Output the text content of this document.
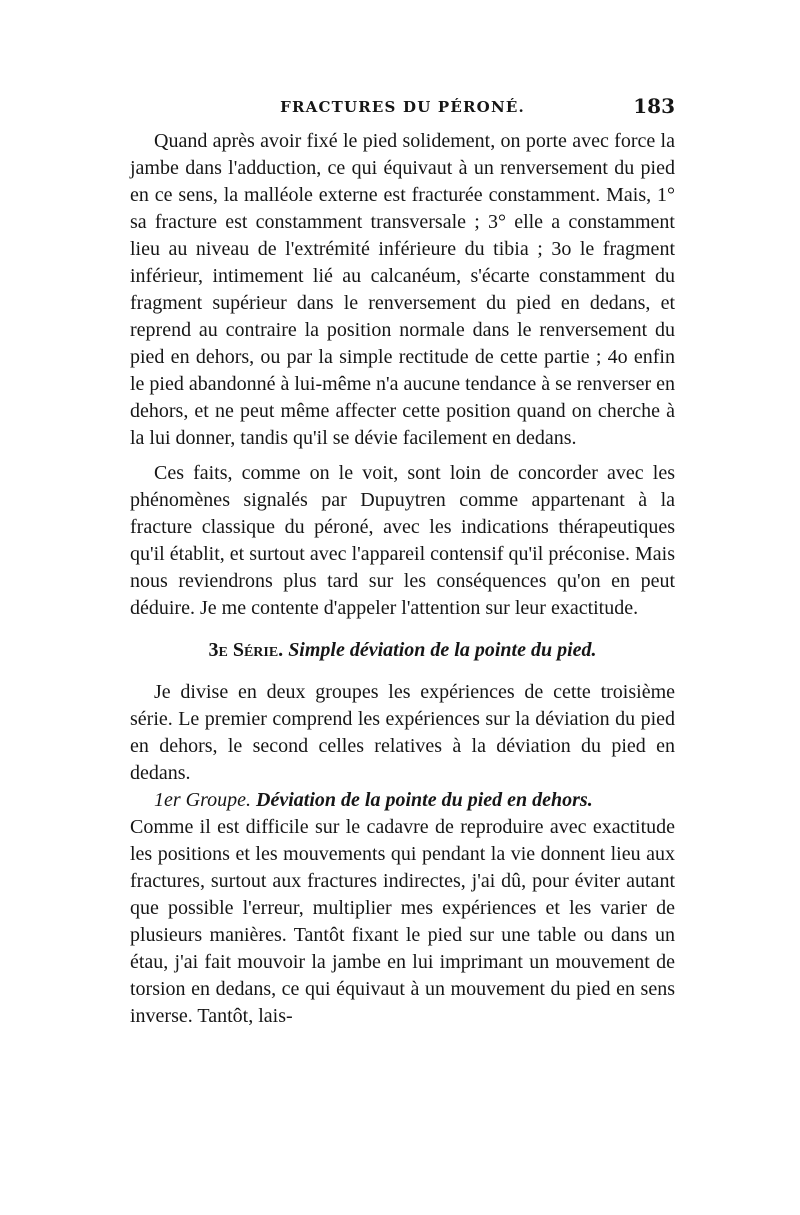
FRACTURES DU PÉRONÉ.	183

Quand après avoir fixé le pied solidement, on porte avec force la jambe dans l'adduction, ce qui équivaut à un renversement du pied en ce sens, la malléole externe est fracturée constamment. Mais, 1° sa fracture est constamment transversale ; 3° elle a constamment lieu au niveau de l'extrémité inférieure du tibia ; 3o le fragment inférieur, intimement lié au calcanéum, s'écarte constamment du fragment supérieur dans le renversement du pied en dedans, et reprend au contraire la position normale dans le renversement du pied en dehors, ou par la simple rectitude de cette partie ; 4o enfin le pied abandonné à lui-même n'a aucune tendance à se renverser en dehors, et ne peut même affecter cette position quand on cherche à la lui donner, tandis qu'il se dévie facilement en dedans.

Ces faits, comme on le voit, sont loin de concorder avec les phénomènes signalés par Dupuytren comme appartenant à la fracture classique du péroné, avec les indications thérapeutiques qu'il établit, et surtout avec l'appareil contensif qu'il préconise. Mais nous reviendrons plus tard sur les conséquences qu'on en peut déduire. Je me contente d'appeler l'attention sur leur exactitude.

3e Série. Simple déviation de la pointe du pied.

Je divise en deux groupes les expériences de cette troisième série. Le premier comprend les expériences sur la déviation du pied en dehors, le second celles relatives à la déviation du pied en dedans.

1er Groupe. Déviation de la pointe du pied en dehors.

Comme il est difficile sur le cadavre de reproduire avec exactitude les positions et les mouvements qui pendant la vie donnent lieu aux fractures, surtout aux fractures indirectes, j'ai dû, pour éviter autant que possible l'erreur, multiplier mes expériences et les varier de plusieurs manières. Tantôt fixant le pied sur une table ou dans un étau, j'ai fait mouvoir la jambe en lui imprimant un mouvement de torsion en dedans, ce qui équivaut à un mouvement du pied en sens inverse. Tantôt, lais-
